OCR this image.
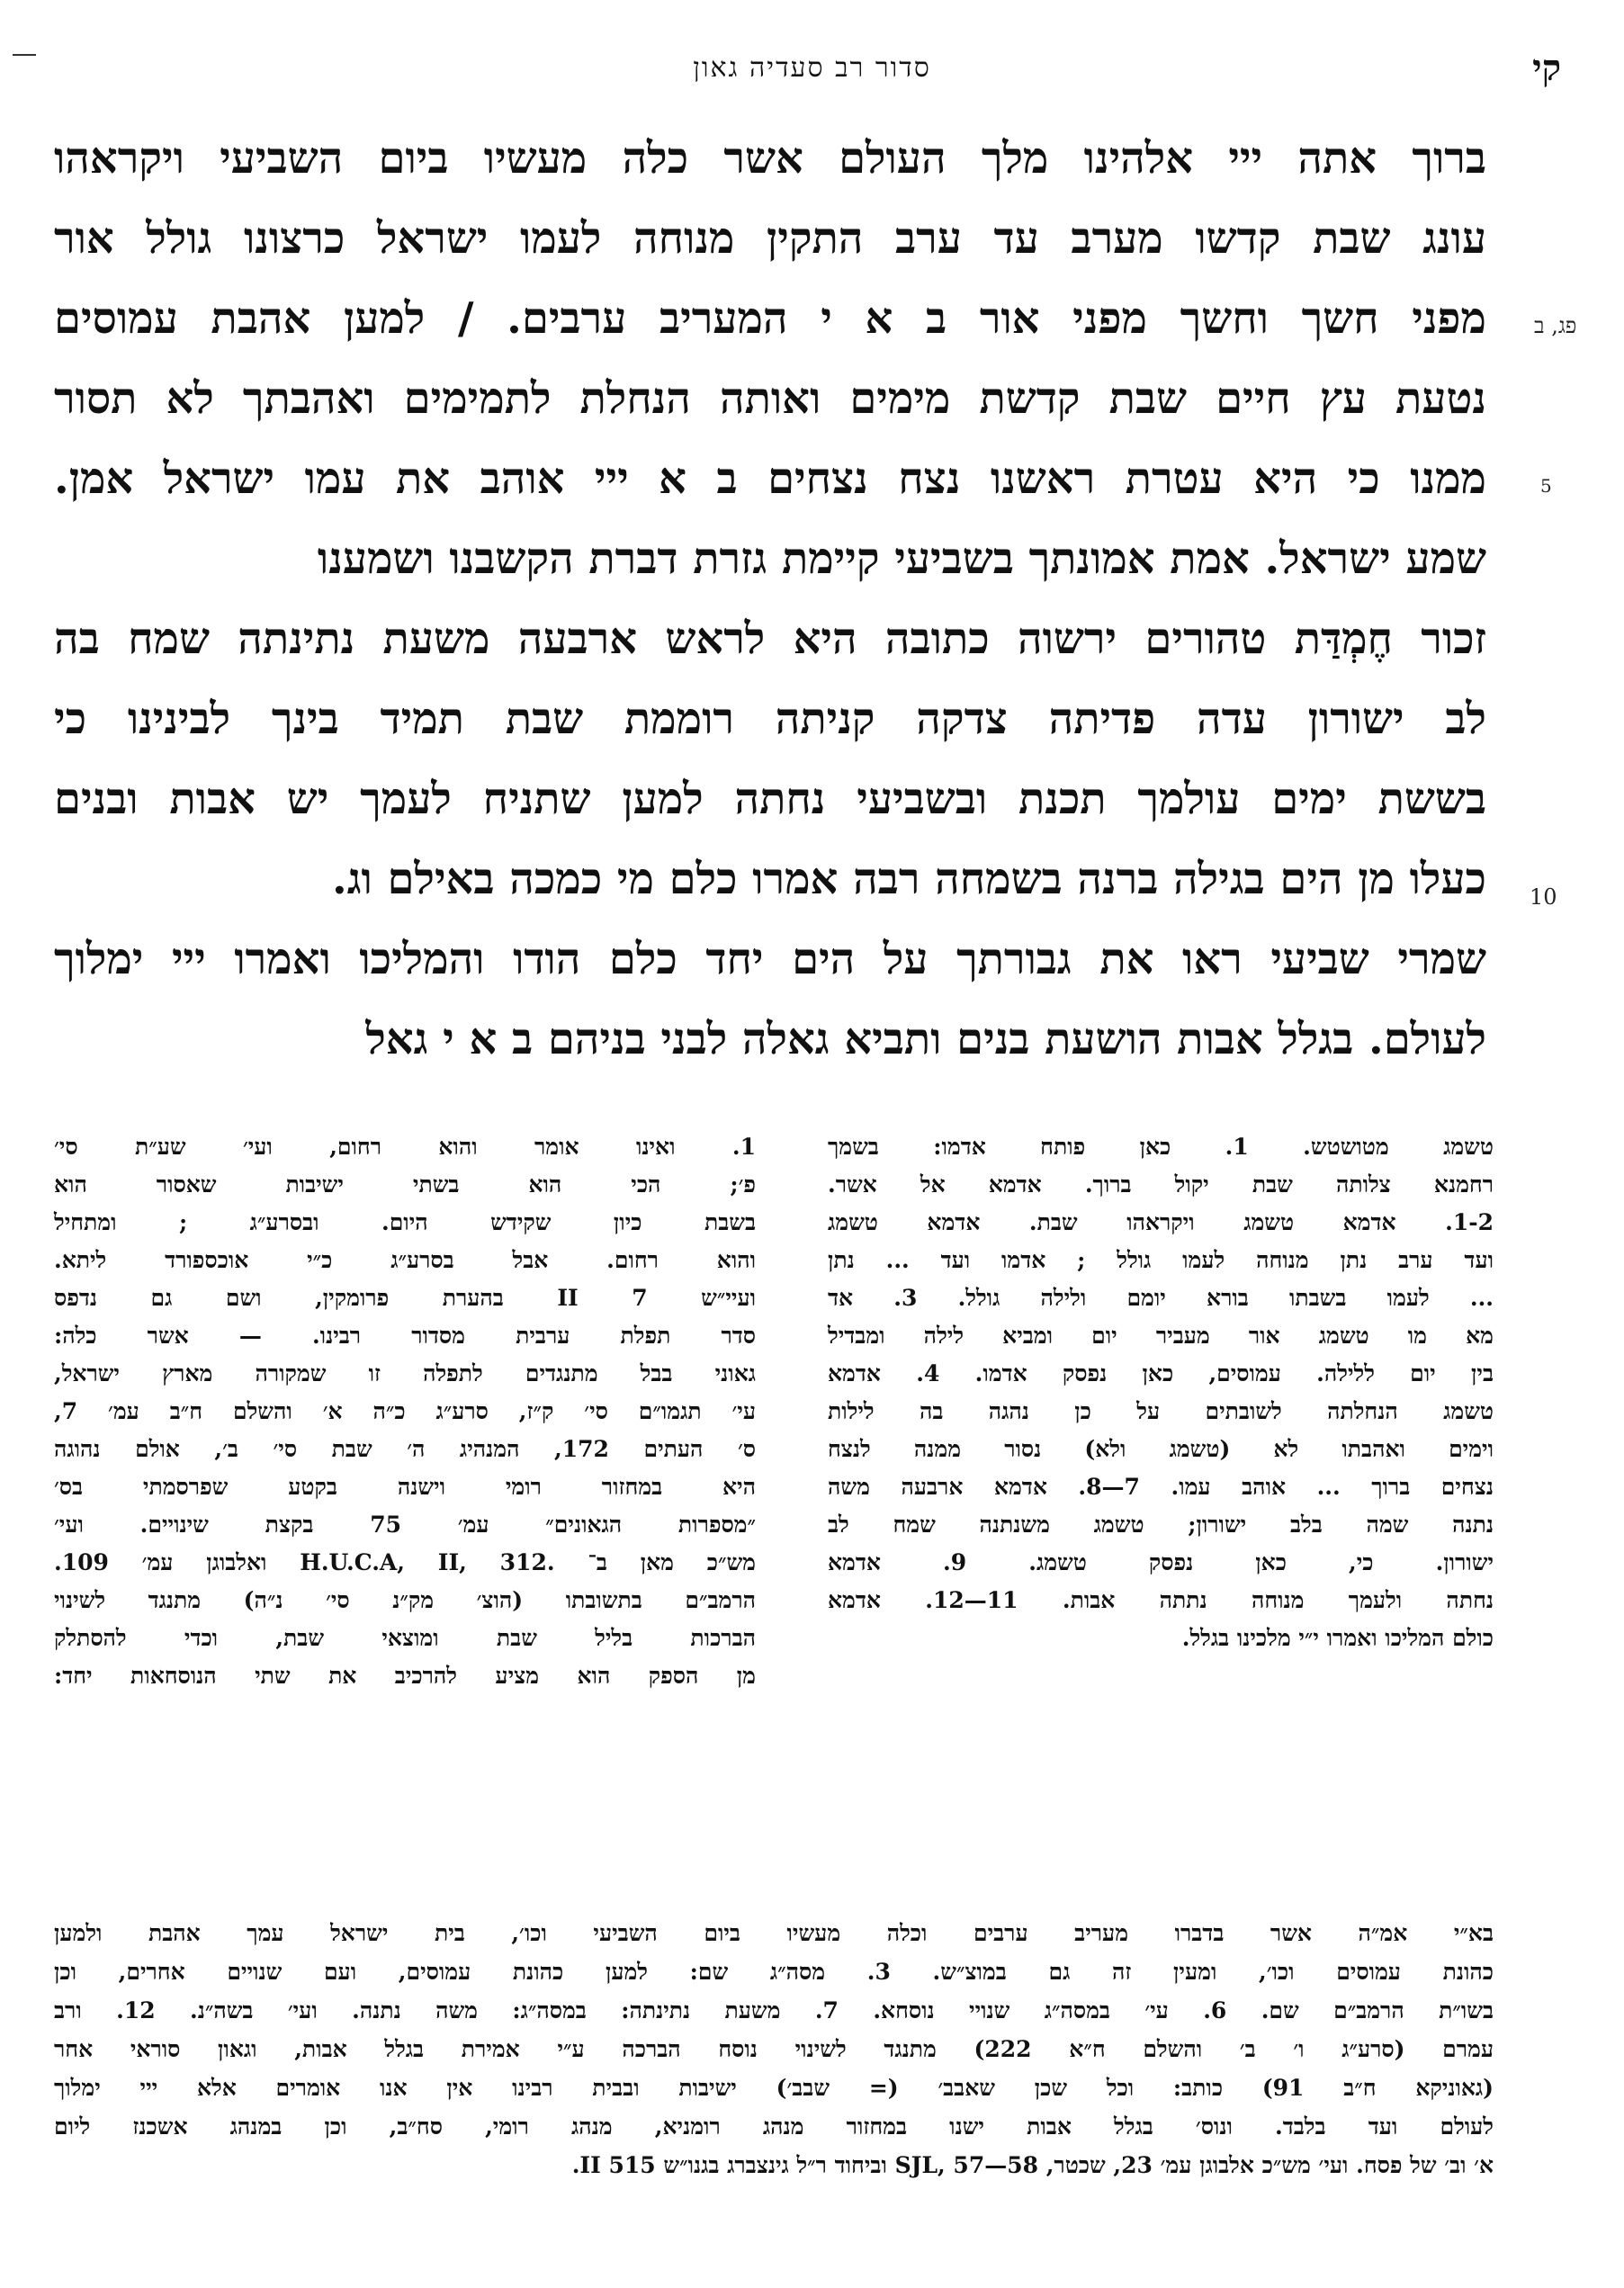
קי
סדור רב סעדיה גאון
פג, ב
5
10
ברוך אתה ייי אלהינו מלך העולם אשר כלה מעשיו ביום השביעי ויקראהו
עונג שבת קדשו מערב עד ערב התקין מנוחה לעמו ישראל כרצונו גולל אור
מפני חשך וחשך מפני אור ב א י המעריב ערבים. / למען אהבת עמוסים
נטעת עץ חיים שבת קדשת מימים ואותה הנחלת לתמימים ואהבתך לא תסור
ממנו כי היא עטרת ראשנו נצח נצחים ב א ייי אוהב את עמו ישראל אמן.
שמע ישראל. אמת אמונתך בשביעי קיימת גזרת דברת הקשבנו ושמענו
זכור חֶמְדַּת טהורים ירשוה כתובה היא לראש ארבעה משעת נתינתה שמח בה
לב ישורון עדה פדיתה צדקה קניתה רוממת שבת תמיד בינך לבינינו כי
בששת ימים עולמך תכנת ובשביעי נחתה למען שתניח לעמך יש אבות ובנים
כעלו מן הים בגילה ברנה בשמחה רבה אמרו כלם מי כמכה באילם וג.
שמרי שביעי ראו את גבורתך על הים יחד כלם הודו והמליכו ואמרו ייי ימלוך
לעולם. בגלל אבות הושעת בנים ותביא גאלה לבני בניהם ב א י גאל
טשמג מטושטש. 1. כאן פותח אדמו: בשמך
רחמנא צלותה שבת יקול ברוך. אדמא אל אשר.
1-2. אדמא טשמג ויקראהו שבת. אדמא טשמג
ועד ערב נתן מנוחה לעמו גולל ; אדמו ועד ... נתן
... לעמו בשבתו בורא יומם ולילה גולל. 3. אד
מא מו טשמג אור מעביר יום ומביא לילה ומבדיל
בין יום ללילה. עמוסים, כאן נפסק אדמו. 4. אדמא
טשמג הנחלתה לשובתים על כן נהגה בה לילות
וימים ואהבתו לא (טשמג ולא) נסור ממנה לנצח
נצחים ברוך ... אוהב עמו. 7—8. אדמא ארבעה משה
נתנה שמה בלב ישורון; טשמג משנתנה שמח לב
ישורון. כי, כאן נפסק טשמג. 9. אדמא
נחתה ולעמך מנוחה נתתה אבות. 11—12. אדמא
כולם המליכו ואמרו י״י מלכינו בגלל.
1. ואינו אומר והוא רחום, ועי׳ שע״ת סי׳
פ׳; הכי הוא בשתי ישיבות שאסור הוא
בשבת כיון שקידש היום. ובסרע״ג ; ומתחיל
והוא רחום. אבל בסרע״ג כ״י אוכספורד ליתא.
ועיי״ש II 7 בהערת פרומקין, ושם גם נדפס
סדר תפלת ערבית מסדור רבינו. — אשר כלה:
גאוני בבל מתנגדים לתפלה זו שמקורה מארץ ישראל,
עי׳ תגמו״ם סי׳ ק״ז, סרע״ג כ״ה א׳ והשלם ח״ב עמ׳ 7,
ס׳ העתים 172, המנהיג ה׳ שבת סי׳ ב׳, אולם נהוגה
היא במחזור רומי וישנה בקטע שפרסמתי בס׳
״מספרות הגאונים״ עמ׳ 75 בקצת שינויים. ועי׳
מש״כ מאן ב־ .H.U.C.A, II, 312 ואלבוגן עמ׳ 109.
הרמב״ם בתשובתו (הוצ׳ מק״נ סי׳ נ״ה) מתנגד לשינוי
הברכות בליל שבת ומוצאי שבת, וכדי להסתלק
מן הספק הוא מציע להרכיב את שתי הנוסחאות יחד:
בא״י אמ״ה אשר בדברו מעריב ערבים וכלה מעשיו ביום השביעי וכו׳, בית ישראל עמך אהבת ולמען
כהונת עמוסים וכו׳, ומעין זה גם במוצ״ש. 3. מסה״ג שם: למען כהונת עמוסים, ועם שנויים אחרים, וכן
בשו״ת הרמב״ם שם. 6. עי׳ במסה״ג שנויי נוסחא. 7. משעת נתינתה: במסה״ג: משה נתנה. ועי׳ בשה״נ. 12. ורב
עמרם (סרע״ג ו׳ ב׳ והשלם ח״א 222) מתנגד לשינוי נוסח הברכה ע״י אמירת בגלל אבות, וגאון סוראי אחר
(גאוניקא ח״ב 91) כותב: וכל שכן שאבב׳ (= שבב׳) ישיבות ובבית רבינו אין אנו אומרים אלא ייי ימלוך
לעולם ועד בלבד. ונוס׳ בגלל אבות ישנו במחזור מנהג רומניא, מנהג רומי, סח״ב, וכן במנהג אשכנז ליום
א׳ וב׳ של פסח. ועי׳ מש״כ אלבוגן עמ׳ 23, שכטר, SJL, 57—58 וביחוד ר״ל גינצברג בגנו״ש II 515.
